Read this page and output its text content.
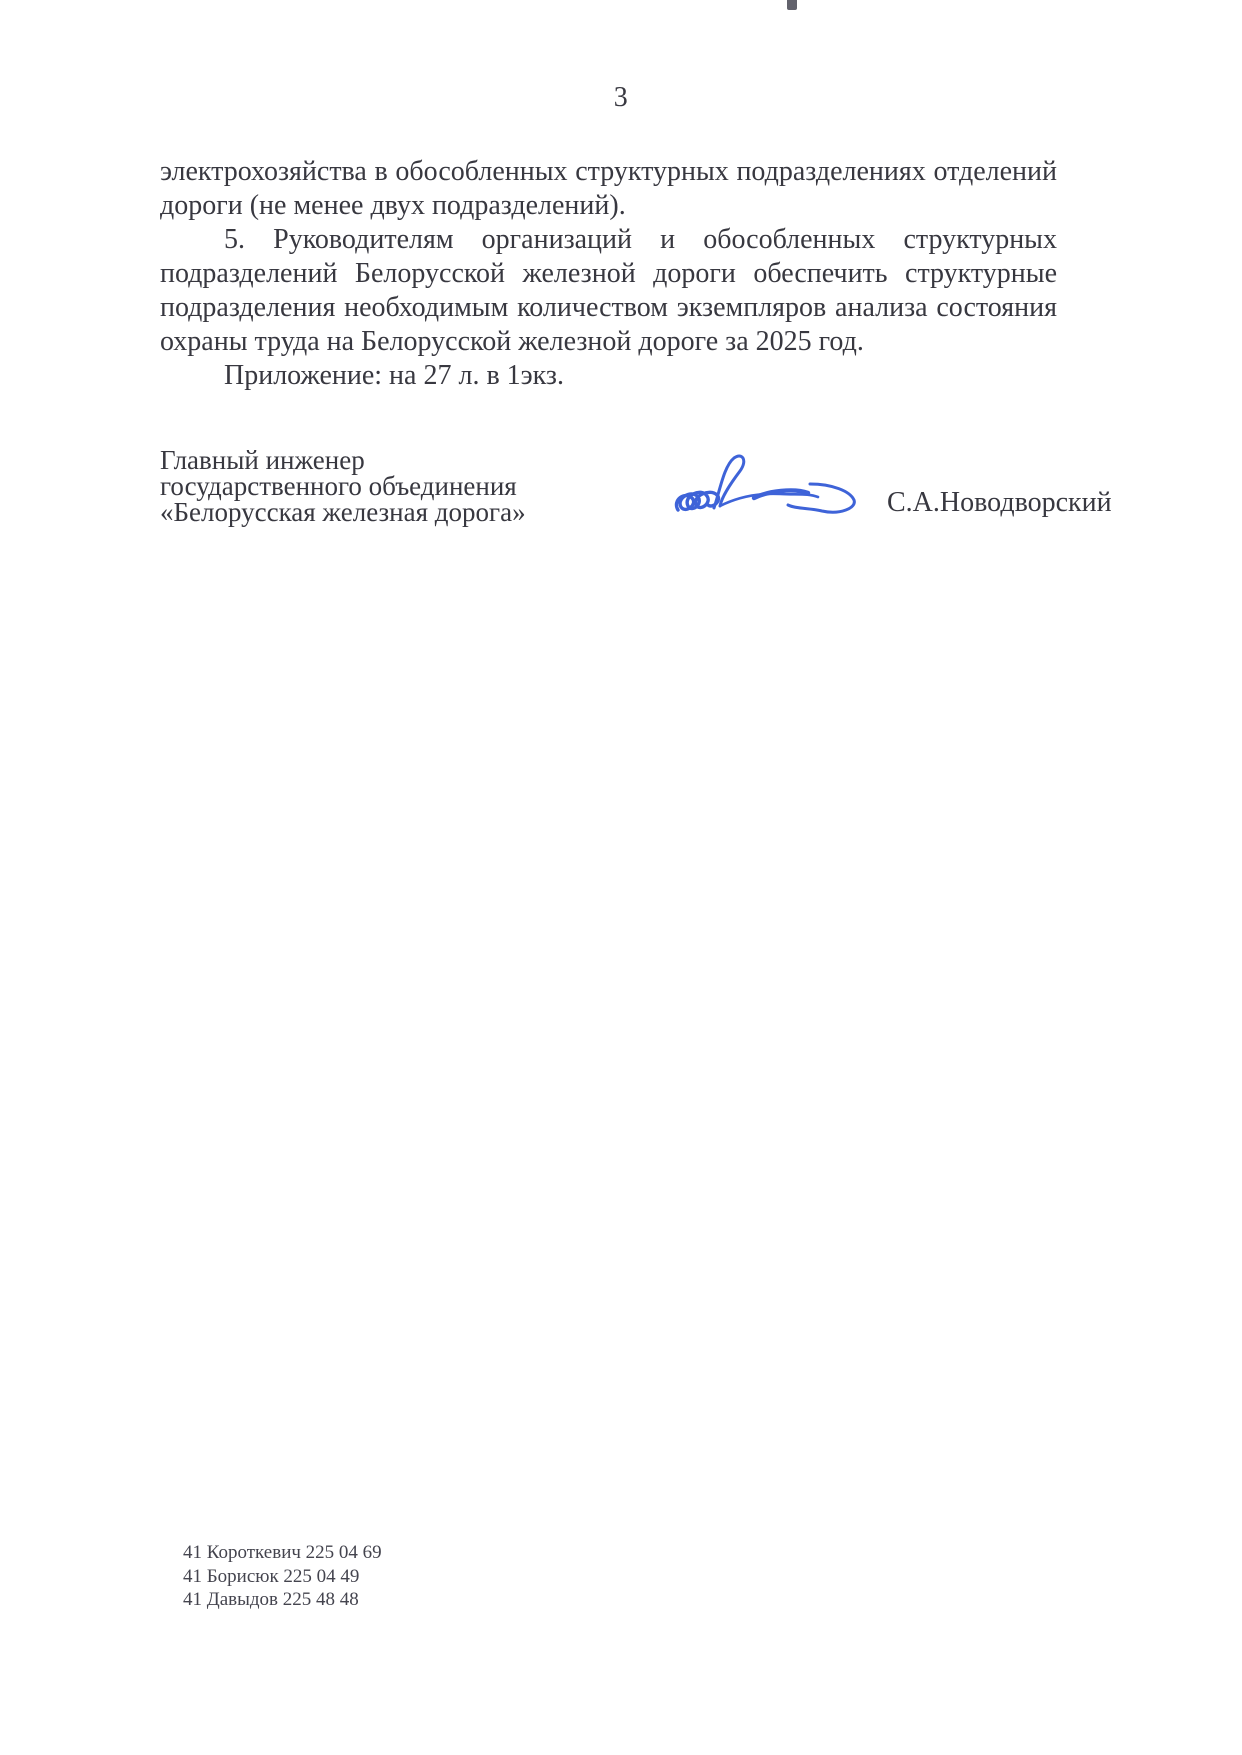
3
электрохозяйства в обособленных структурных подразделениях отделений
дороги (не менее двух подразделений).
5. Руководителям организаций и обособленных структурных
подразделений Белорусской железной дороги обеспечить структурные
подразделения необходимым количеством экземпляров анализа состояния
охраны труда на Белорусской железной дороге за 2025 год.
Приложение: на 27 л. в 1экз.
Главный инженер
государственного объединения
«Белорусская железная дорога»	С.А.Новодворский
41 Короткевич 225 04 69
41 Борисюк 225 04 49
41 Давыдов 225 48 48
